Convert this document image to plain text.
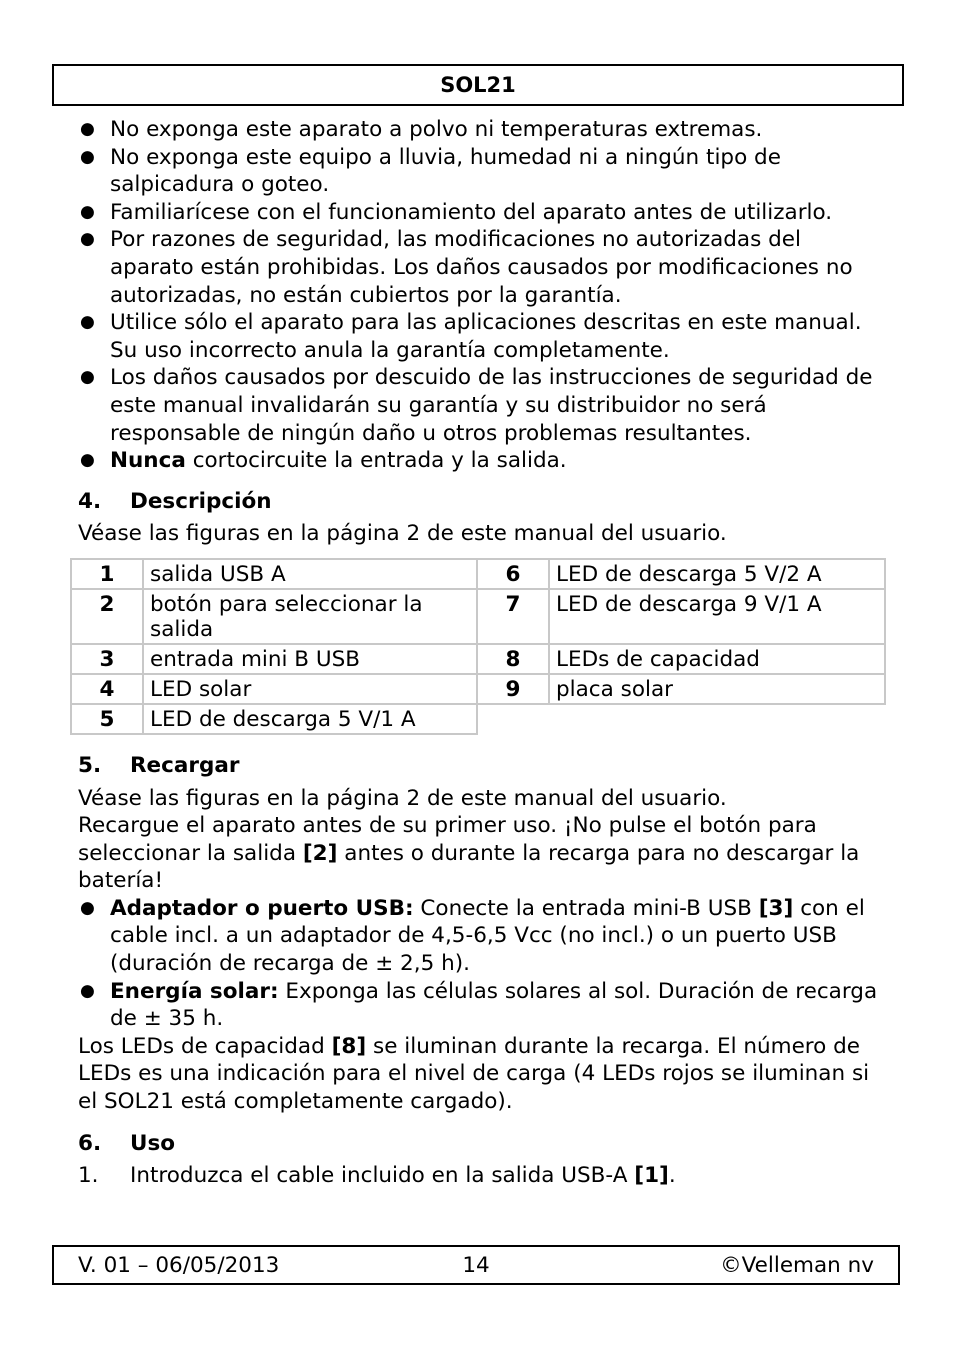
SOL21
● No exponga este aparato a polvo ni temperaturas extremas.
● No exponga este equipo a lluvia, humedad ni a ningún tipo de salpicadura o goteo.
● Familiarícese con el funcionamiento del aparato antes de utilizarlo.
● Por razones de seguridad, las modificaciones no autorizadas del aparato están prohibidas. Los daños causados por modificaciones no autorizadas, no están cubiertos por la garantía.
● Utilice sólo el aparato para las aplicaciones descritas en este manual. Su uso incorrecto anula la garantía completamente.
● Los daños causados por descuido de las instrucciones de seguridad de este manual invalidarán su garantía y su distribuidor no será responsable de ningún daño u otros problemas resultantes.
● Nunca cortocircuite la entrada y la salida.
4.	Descripción

Véase las figuras en la página 2 de este manual del usuario.

1	salida USB A	6	LED de descarga 5 V/2 A
2	botón para seleccionar la salida	7	LED de descarga 9 V/1 A
3	entrada mini B USB	8	LEDs de capacidad
4	LED solar	9	placa solar
5	LED de descarga 5 V/1 A		
5.	Recargar

Véase las figuras en la página 2 de este manual del usuario.

Recargue el aparato antes de su primer uso. ¡No pulse el botón para seleccionar la salida [2] antes o durante la recarga para no descargar la batería!

● Adaptador o puerto USB: Conecte la entrada mini-B USB [3] con el cable incl. a un adaptador de 4,5-6,5 Vcc (no incl.) o un puerto USB (duración de recarga de ± 2,5 h).
● Energía solar: Exponga las células solares al sol. Duración de recarga de ± 35 h.

Los LEDs de capacidad [8] se iluminan durante la recarga. El número de LEDs es una indicación para el nivel de carga (4 LEDs rojos se iluminan si el SOL21 está completamente cargado).

6.	Uso
1.	Introduzca el cable incluido en la salida USB-A [1].
V. 01 – 06/05/2013	14	©Velleman nv
